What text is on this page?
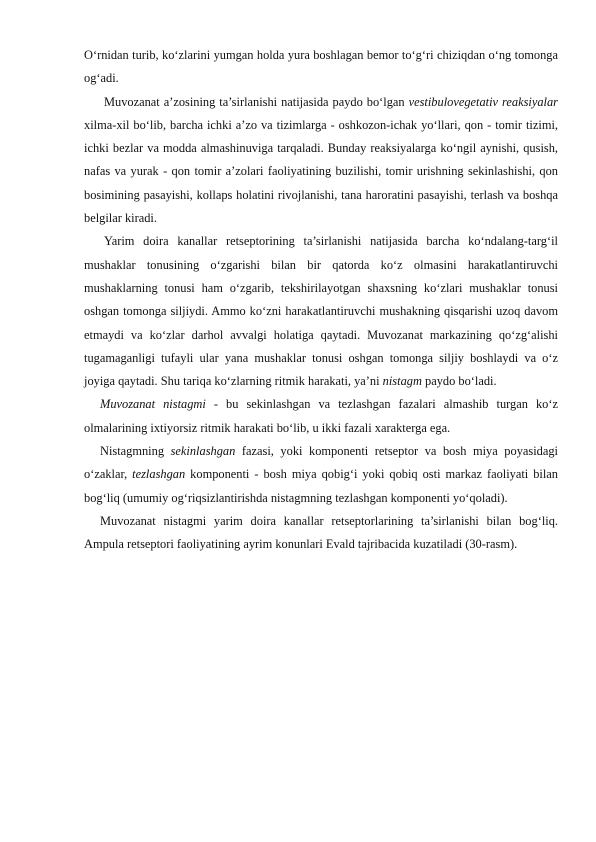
O‘rnidan turib, ko‘zlarini yumgan holda yura boshlagan bemor to‘g‘ri chiziqdan o‘ng tomonga og‘adi.

Muvozanat a’zosining ta’sirlanishi natijasida paydo bo‘lgan vestibulovegetativ reaksiyalar xilma-xil bo‘lib, barcha ichki a’zo va tizimlarga - oshkozon-ichak yo‘llari, qon - tomir tizimi, ichki bezlar va modda almashinuviga tarqaladi. Bunday reaksiyalarga ko‘ngil aynishi, qusish, nafas va yurak - qon tomir a’zolari faoliyatining buzilishi, tomir urishning sekinlashishi, qon bosimining pasayishi, kollaps holatini rivojlanishi, tana haroratini pasayishi, terlash va boshqa belgilar kiradi.

Yarim doira kanallar retseptorining ta’sirlanishi natijasida barcha ko‘ndalang-targ‘il mushaklar tonusining o‘zgarishi bilan bir qatorda ko‘z olmasini harakatlantiruvchi mushaklarning tonusi ham o‘zgarib, tekshirilayotgan shaxsning ko‘zlari mushaklar tonusi oshgan tomonga siljiydi. Ammo ko‘zni harakatlantiruvchi mushakning qisqarishi uzoq davom etmaydi va ko‘zlar darhol avvalgi holatiga qaytadi. Muvozanat markazining qo‘zg‘alishi tugamaganligi tufayli ular yana mushaklar tonusi oshgan tomonga siljiy boshlaydi va o‘z joyiga qaytadi. Shu tariqa ko‘zlarning ritmik harakati, ya’ni nistagm paydo bo‘ladi.

Muvozanat nistagmi - bu sekinlashgan va tezlashgan fazalari almashib turgan ko‘z olmalarining ixtiyorsiz ritmik harakati bo‘lib, u ikki fazali xarakterga ega.

Nistagmning sekinlashgan fazasi, yoki komponenti retseptor va bosh miya poyasidagi o‘zaklar, tezlashgan komponenti - bosh miya qobig‘i yoki qobiq osti markaz faoliyati bilan bog‘liq (umumiy og‘riqsizlantirishda nistagmning tezlashgan komponenti yo‘qoladi).

Muvozanat nistagmi yarim doira kanallar retseptorlarining ta’sirlanishi bilan bog‘liq. Ampula retseptori faoliyatining ayrim konunlari Evald tajribacida kuzatiladi (30-rasm).
